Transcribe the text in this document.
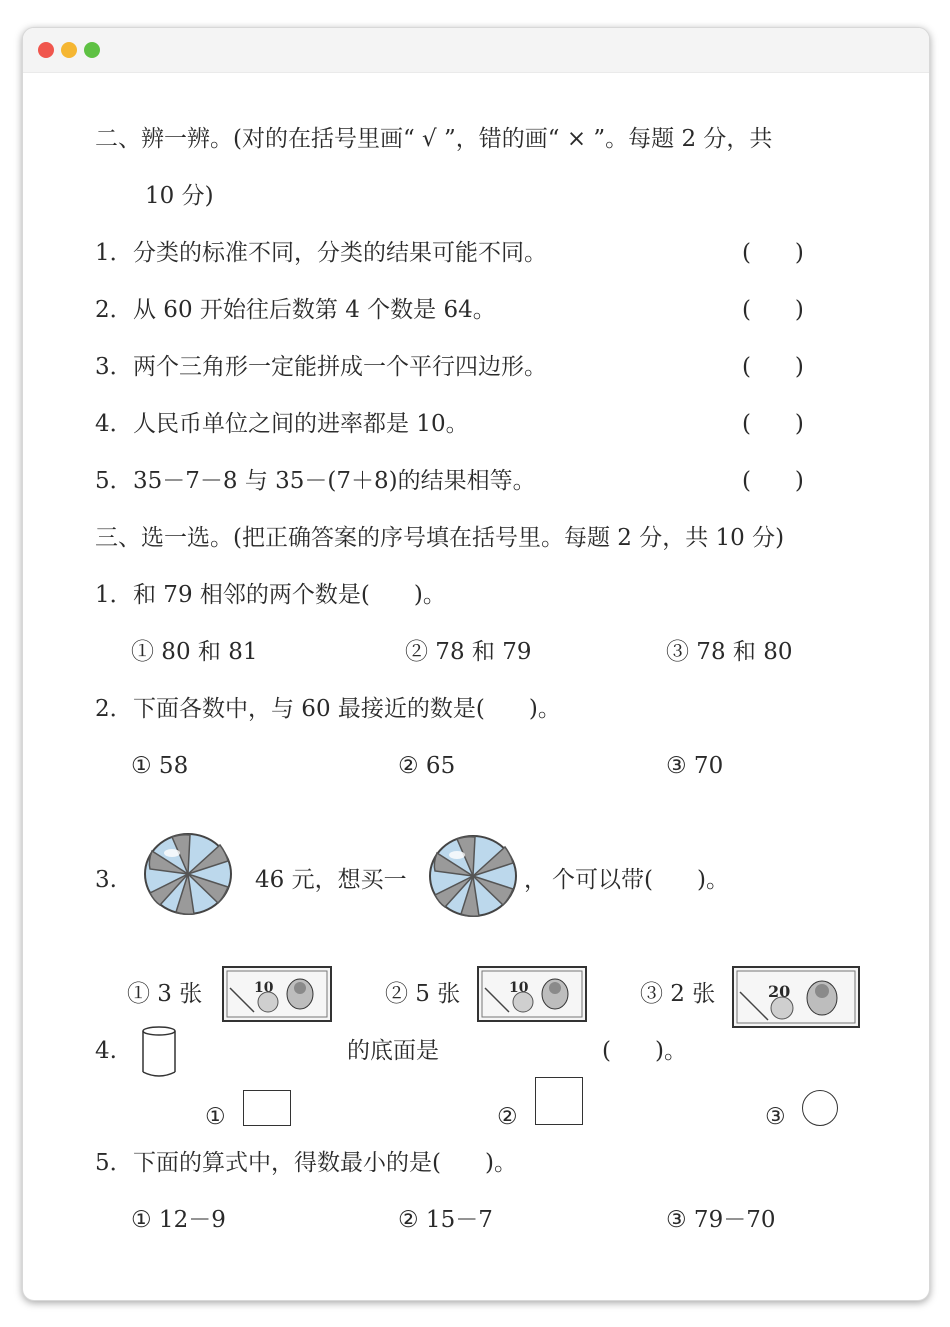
二、辨一辨。(对的在括号里画“ √ ”，错的画“ × ”。每题 2 分，共
10 分)
1． 分类的标准不同，分类的结果可能不同。	(      )
2． 从 60 开始往后数第 4 个数是 64。	(      )
3． 两个三角形一定能拼成一个平行四边形。	(      )
4． 人民币单位之间的进率都是 10。	(      )
5． 35－7－8 与 35－(7＋8)的结果相等。	(      )
三、选一选。(把正确答案的序号填在括号里。每题 2 分，共 10 分)
1． 和 79 相邻的两个数是( )。
① 80 和 81	② 78 和 79	③ 78 和 80
2． 下面各数中，与 60 最接近的数是( )。
① 58	② 65	③ 70
3.	46 元，想买一	， 个可以带( )。
① 3 张	10	② 5 张	10	③ 2 张	20
4.	的底面是	( )。
①	②	③
5． 下面的算式中，得数最小的是( )。
① 12－9	② 15－7	③ 79－70
